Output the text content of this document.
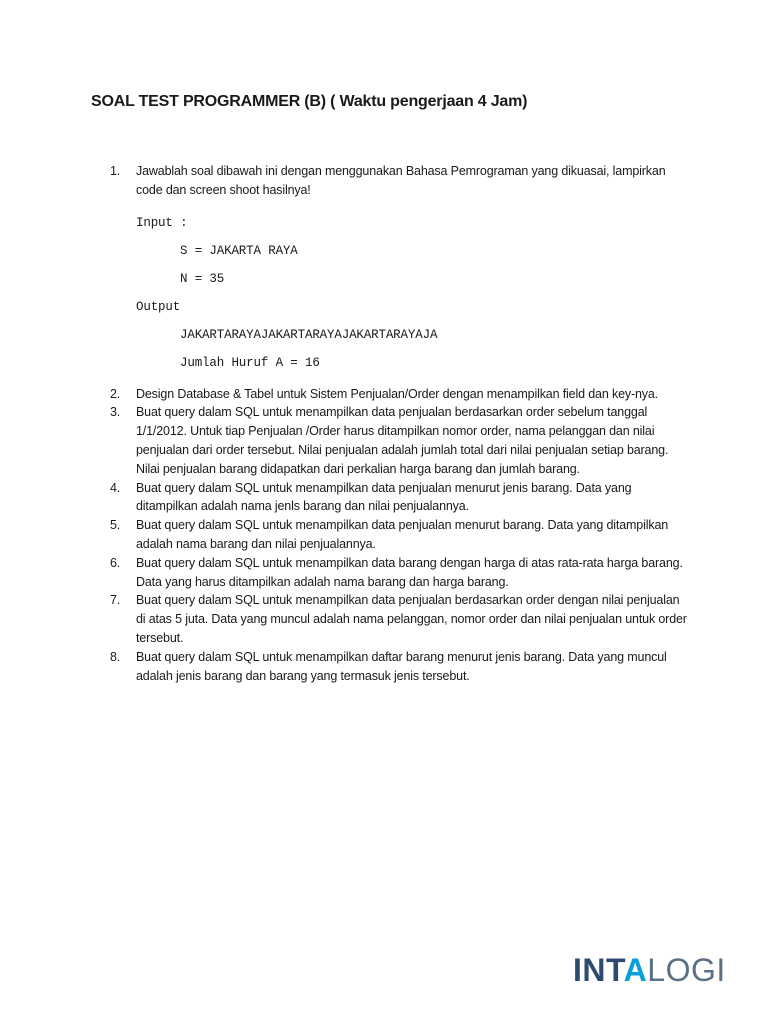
SOAL TEST PROGRAMMER (B) ( Waktu pengerjaan 4 Jam)
1.	Jawablah soal dibawah ini dengan menggunakan Bahasa Pemrograman yang dikuasai, lampirkan code dan screen shoot hasilnya!
Input :
S = JAKARTA RAYA
N = 35
Output
JAKARTARAYAJAKARTARAYAJAKARTARAYAJA
Jumlah Huruf A = 16
2.	Design Database & Tabel untuk Sistem Penjualan/Order dengan menampilkan field dan key-nya.
3.	Buat query dalam SQL untuk menampilkan data penjualan berdasarkan order sebelum tanggal 1/1/2012. Untuk tiap Penjualan /Order harus ditampilkan nomor order, nama pelanggan dan nilai penjualan dari order tersebut. Nilai penjualan adalah jumlah total dari nilai penjualan setiap barang. Nilai penjualan barang didapatkan dari perkalian harga barang dan jumlah barang.
4.	Buat query dalam SQL untuk menampilkan data penjualan menurut jenis barang. Data yang ditampilkan adalah nama jenls barang dan nilai penjualannya.
5.	Buat query dalam SQL untuk menampilkan data penjualan menurut barang. Data yang ditampilkan adalah nama barang dan nilai penjualannya.
6.	Buat query dalam SQL untuk menampilkan data barang dengan harga di atas rata-rata harga barang. Data yang harus ditampilkan adalah nama barang dan harga barang.
7.	Buat query dalam SQL untuk menampilkan data penjualan berdasarkan order dengan nilai penjualan di atas 5 juta. Data yang muncul adalah nama pelanggan, nomor order dan nilai penjualan untuk order tersebut.
8.	Buat query dalam SQL untuk menampilkan daftar barang menurut jenis barang. Data yang muncul adalah jenis barang dan barang yang termasuk jenis tersebut.
INTALOGI
